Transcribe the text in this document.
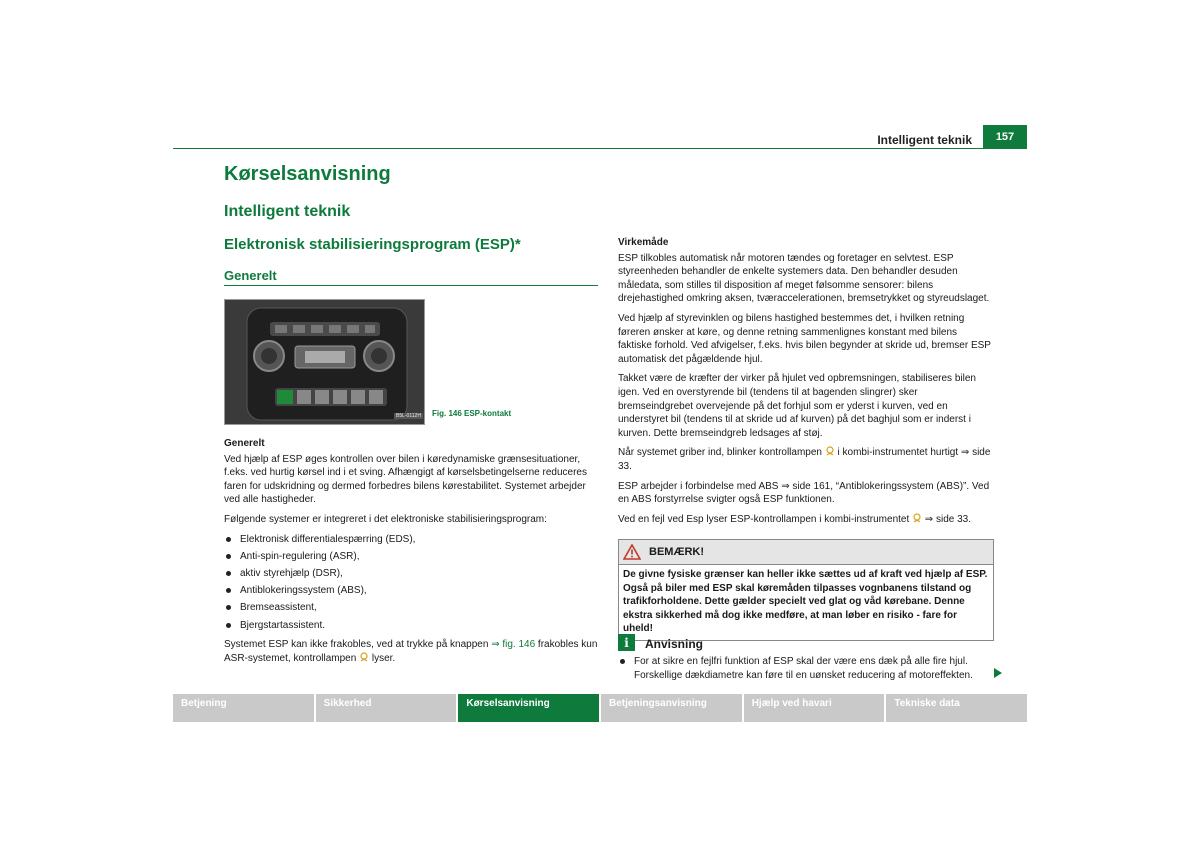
Intelligent teknik	157
Kørselsanvisning
Intelligent teknik
Elektronisk stabilisieringsprogram (ESP)*
Generelt
B5L-0112H Fig. 146 ESP-kontakt

Generelt

Ved hjælp af ESP øges kontrollen over bilen i køredynamiske grænsesituationer, f.eks. ved hurtig kørsel ind i et sving. Afhængigt af kørselsbetingelserne reduceres faren for udskridning og dermed forbedres bilens kørestabilitet. Systemet arbejder ved alle hastigheder.

Følgende systemer er integreret i det elektroniske stabilisieringsprogram:

Elektronisk differentialespærring (EDS),
Anti-spin-regulering (ASR),
aktiv styrehjælp (DSR),
Antiblokeringssystem (ABS),
Bremseassistent,
Bjergstartassistent.

Systemet ESP kan ikke frakobles, ved at trykke på knappen ⇒ fig. 146 frakobles kun ASR-systemet, kontrollampen  lyser.

Virkemåde

ESP tilkobles automatisk når motoren tændes og foretager en selvtest. ESP styreenheden behandler de enkelte systemers data. Den behandler desuden måledata, som stilles til disposition af meget følsomme sensorer: bilens drejehastighed omkring aksen, tværaccelerationen, bremsetrykket og styreudslaget.

Ved hjælp af styrevinklen og bilens hastighed bestemmes det, i hvilken retning føreren ønsker at køre, og denne retning sammenlignes konstant med bilens faktiske forhold. Ved afvigelser, f.eks. hvis bilen begynder at skride ud, bremser ESP automatisk det pågældende hjul.

Takket være de kræfter der virker på hjulet ved opbremsningen, stabiliseres bilen igen. Ved en overstyrende bil (tendens til at bagenden slingrer) sker bremseindgrebet overvejende på det forhjul som er yderst i kurven, ved en understyret bil (tendens til at skride ud af kurven) på det baghjul som er inderst i kurven. Dette bremseindgreb ledsages af støj.

Når systemet griber ind, blinker kontrollampen  i kombi-instrumentet hurtigt ⇒ side 33.

ESP arbejder i forbindelse med ABS ⇒ side 161, “Antiblokeringssystem (ABS)”. Ved en ABS forstyrrelse svigter også ESP funktionen.

Ved en fejl ved Esp lyser ESP-kontrollampen i kombi-instrumentet  ⇒ side 33.

BEMÆRK!
De givne fysiske grænser kan heller ikke sættes ud af kraft ved hjælp af ESP. Også på biler med ESP skal køremåden tilpasses vognbanens tilstand og trafikforholdene. Dette gælder specielt ved glat og våd kørebane. Denne ekstra sikkerhed må dog ikke medføre, at man løber en risiko - fare for uheld!
i	Anvisning
For at sikre en fejlfri funktion af ESP skal der være ens dæk på alle fire hjul. Forskellige dækdiametre kan føre til en uønsket reducering af motoreffekten.
Betjening	Sikkerhed	Kørselsanvisning	Betjeningsanvisning	Hjælp ved havari	Tekniske data
